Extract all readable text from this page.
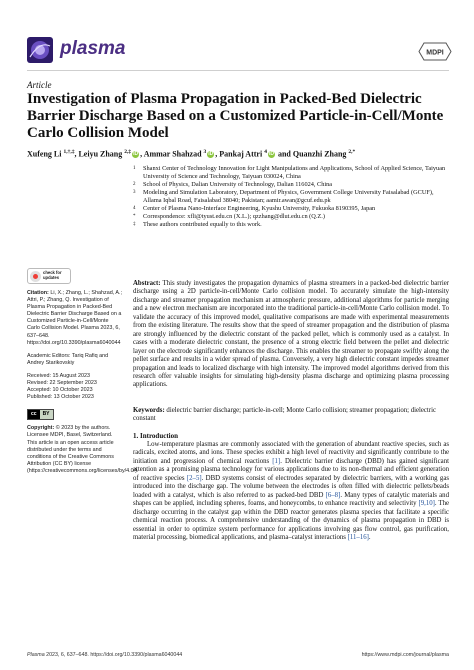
plasma	MDPI
Article
Investigation of Plasma Propagation in Packed-Bed Dielectric Barrier Discharge Based on a Customized Particle-in-Cell/Monte Carlo Collision Model
Xufeng Li $^{1,\dagger,\ddagger}$, Leiyu Zhang $^{2,\ddagger}$ iD , Ammar Shahzad $^3$ iD , Pankaj Attri $^4$ iD and Quanzhi Zhang $^{2,*}$
1 Shanxi Center of Technology Innovation for Light Manipulations and Applications, School of Applied Science, Taiyuan University of Science and Technology, Taiyuan 030024, China
2 School of Physics, Dalian University of Technology, Dalian 116024, China
3 Modeling and Simulation Laboratory, Department of Physics, Government College University Faisalabad (GCUF), Allama Iqbal Road, Faisalabad 38040; Pakistan; aamir.awan@gcuf.edu.pk
4 Center of Plasma Nano-Interface Engineering, Kyushu University, Fukuoka 8190395, Japan
* Correspondence: xfli@tyust.edu.cn (X.L.); qzzhang@dlut.edu.cn (Q.Z.)
‡ These authors contributed equally to this work.
Abstract: This study investigates the propagation dynamics of plasma streamers in a packed-bed dielectric barrier discharge using a 2D particle-in-cell/Monte Carlo collision model. To accurately simulate the high-intensity discharge and streamer propagation mechanism at atmospheric pressure, additional algorithms for particle merging and a new electron mechanism are incorporated into the traditional particle-in-cell/Monte Carlo collision model. To validate the accuracy of this improved model, qualitative comparisons are made with experimental measurements from the existing literature. The results show that the speed of streamer propagation and the distribution of plasma are strongly influenced by the dielectric constant of the packed pellet, which is commonly used as a catalyst. In cases with a moderate dielectric constant, the presence of a strong electric field between the pellet and dielectric layer on the electrode significantly enhances the discharge. This enables the streamer to propagate swiftly along the pellet surface and results in a wider spread of plasma. Conversely, a very high dielectric constant impedes streamer propagation and leads to localized discharge with high intensity. The improved model algorithms derived from this research offer valuable insights for simulating high-density plasma discharge and optimizing plasma processing applications.
Keywords: dielectric barrier discharge; particle-in-cell; Monte Carlo collision; streamer propagation; dielectric constant
check for
updates
Citation: Li, X.; Zhang, L.; Shahzad, A.; Attri, P.; Zhang, Q. Investigation of Plasma Propagation in Packed-Bed Dielectric Barrier Discharge Based on a Customized Particle-in-Cell/Monte Carlo Collision Model. Plasma 2023, 6, 637–648. https://doi.org/10.3390/plasma6040044
Academic Editors: Tariq Rafiq and Andrey Starikovskiy
Received: 15 August 2023
Revised: 22 September 2023
Accepted: 10 October 2023
Published: 13 October 2023
cc	BY
Copyright: © 2023 by the authors. Licensee MDPI, Basel, Switzerland. This article is an open access article distributed under the terms and conditions of the Creative Commons Attribution (CC BY) license (https://creativecommons.org/licenses/by/4.0/).
1. Introduction
Low-temperature plasmas are commonly associated with the generation of abundant reactive species, such as radicals, excited atoms, and ions. These species exhibit a high level of reactivity and significantly contribute to the initiation and progression of chemical reactions [1]. Dielectric barrier discharge (DBD) has gained significant attention as a promising plasma technology for various applications due to its non-thermal and efficient generation of reactive species [2–5]. DBD systems consist of electrodes separated by dielectric barriers, with a working gas introduced into the discharge gap. The volume between the electrodes is often filled with dielectric pellets/beads loaded with a catalyst, which is also referred to as packed-bed DBD [6–8]. Many types of catalytic materials and shapes can be applied, including spheres, foams, and honeycombs, to enhance reactivity and selectivity [9,10]. The discharge occurring in the catalyst gap within the DBD reactor generates plasma species that facilitate a specific chemical reaction process. A comprehensive understanding of the dynamics of plasma propagation in DBD is essential in order to optimize system performance for applications involving gas flow control, gas purification, material processing, biomedical applications, and plasma–catalyst interactions [11–16].
Plasma 2023, 6, 637–648. https://doi.org/10.3390/plasma6040044	https://www.mdpi.com/journal/plasma
